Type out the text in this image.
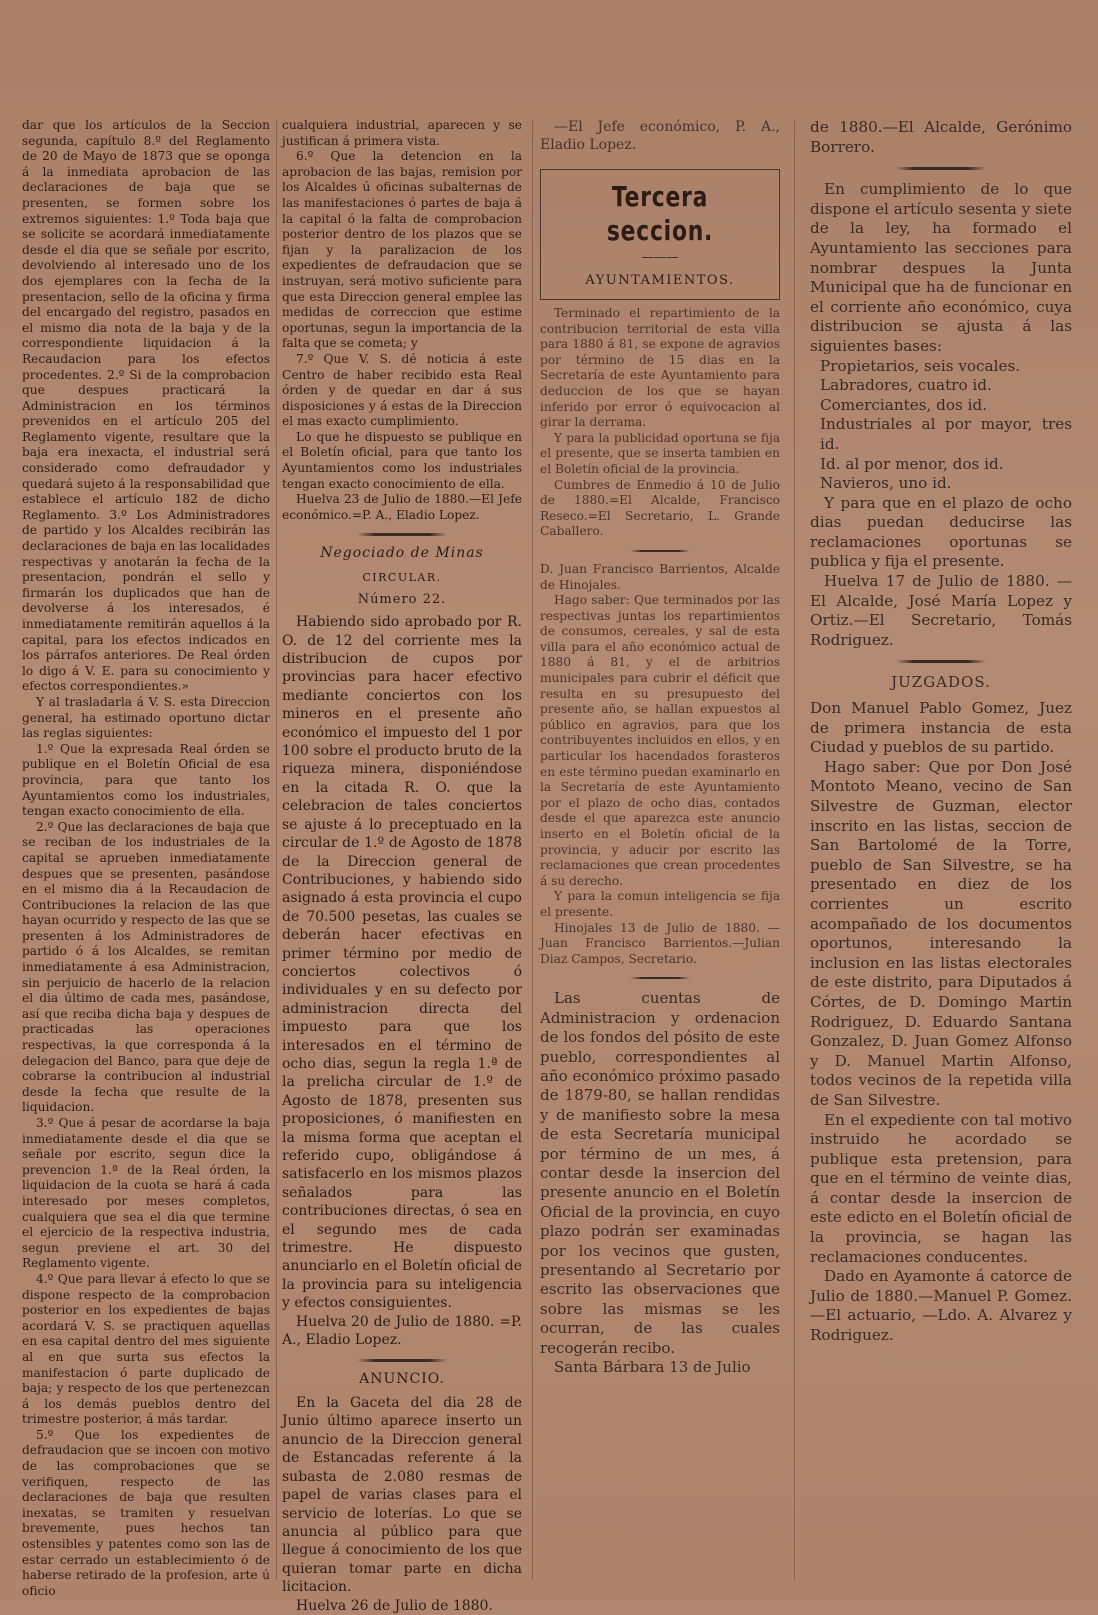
dar que los artículos de la Seccion segunda, capítulo 8.º del Reglamento de 20 de Mayo de 1873 que se oponga á la inmediata aprobacion de las declaraciones de baja que se presenten, se formen sobre los extremos siguientes: 1.º Toda baja que se solicite se acordará inmediatamente desde el dia que se señale por escrito, devolviendo al interesado uno de los dos ejemplares con la fecha de la presentacion, sello de la oficina y firma del encargado del registro, pasados en el mismo dia nota de la baja y de la correspondiente liquidacion á la Recaudacion para los efectos procedentes. 2.º Si de la comprobacion que despues practicará la Administracion en los términos prevenidos en el artículo 205 del Reglamento vigente, resultare que la baja era inexacta, el industrial será considerado como defraudador y quedará sujeto á la responsabilidad que establece el artículo 182 de dicho Reglamento. 3.º Los Administradores de partido y los Alcaldes recibirán las declaraciones de baja en las localidades respectivas y anotarán la fecha de la presentacion, pondrán el sello y firmarán los duplicados que han de devolverse á los interesados, é inmediatamente remitirán aquellos á la capital, para los efectos indicados en los párrafos anteriores. De Real órden lo digo á V. E. para su conocimiento y efectos correspondientes.»

Y al trasladarla á V. S. esta Direccion general, ha estimado oportuno dictar las reglas siguientes:

1.º Que la expresada Real órden se publique en el Boletín Oficial de esa provincia, para que tanto los Ayuntamientos como los industriales, tengan exacto conocimiento de ella.

2.º Que las declaraciones de baja que se reciban de los industriales de la capital se aprueben inmediatamente despues que se presenten, pasándose en el mismo dia á la Recaudacion de Contribuciones la relacion de las que hayan ocurrido y respecto de las que se presenten á los Administradores de partido ó á los Alcaldes, se remitan inmediatamente á esa Administracion, sin perjuicio de hacerlo de la relacion el dia último de cada mes, pasándose, así que reciba dicha baja y despues de practicadas las operaciones respectivas, la que corresponda á la delegacion del Banco, para que deje de cobrarse la contribucion al industrial desde la fecha que resulte de la liquidacion.

3.º Que á pesar de acordarse la baja inmediatamente desde el dia que se señale por escrito, segun dice la prevencion 1.ª de la Real órden, la liquidacion de la cuota se hará á cada interesado por meses completos, cualquiera que sea el dia que termine el ejercicio de la respectiva industria, segun previene el art. 30 del Reglamento vigente.

4.º Que para llevar á efecto lo que se dispone respecto de la comprobacion posterior en los expedientes de bajas acordará V. S. se practiquen aquellas en esa capital dentro del mes siguiente al en que surta sus efectos la manifestacion ó parte duplicado de baja; y respecto de los que pertenezcan á los demás pueblos dentro del trimestre posterior, á más tardar.

5.º Que los expedientes de defraudacion que se incoen con motivo de las comprobaciones que se verifiquen, respecto de las declaraciones de baja que resulten inexatas, se tramiten y resuelvan brevemente, pues hechos tan ostensibles y patentes como son las de estar cerrado un establecimiento ó de haberse retirado de la profesion, arte ú oficio

cualquiera industrial, aparecen y se justifican á primera vista.

6.º Que la detencion en la aprobacion de las bajas, remision por los Alcaldes ú oficinas subalternas de las manifestaciones ó partes de baja á la capital ó la falta de comprobacion posterior dentro de los plazos que se fijan y la paralizacion de los expedientes de defraudacion que se instruyan, será motivo suficiente para que esta Direccion general emplee las medidas de correccion que estime oportunas, segun la importancia de la falta que se cometa; y

7.º Que V. S. dé noticia á este Centro de haber recibido esta Real órden y de quedar en dar á sus disposiciones y á estas de la Direccion el mas exacto cumplimiento.

Lo que he dispuesto se publique en el Boletín oficial, para que tanto los Ayuntamientos como los industriales tengan exacto conocimiento de ella.

Huelva 23 de Julio de 1880.—El Jefe económico.=P. A., Eladio Lopez.

Negociado de Minas
CIRCULAR.
Número 22.

Habiendo sido aprobado por R. O. de 12 del corriente mes la distribucion de cupos por provincias para hacer efectivo mediante conciertos con los mineros en el presente año económico el impuesto del 1 por 100 sobre el producto bruto de la riqueza minera, disponiéndose en la citada R. O. que la celebracion de tales conciertos se ajuste á lo preceptuado en la circular de 1.º de Agosto de 1878 de la Direccion general de Contribuciones, y habiendo sido asignado á esta provincia el cupo de 70.500 pesetas, las cuales se deberán hacer efectivas en primer término por medio de conciertos colectivos ó individuales y en su defecto por administracion directa del impuesto para que los interesados en el término de ocho dias, segun la regla 1.ª de la prelicha circular de 1.º de Agosto de 1878, presenten sus proposiciones, ó manifiesten en la misma forma que aceptan el referido cupo, obligándose á satisfacerlo en los mismos plazos señalados para las contribuciones directas, ó sea en el segundo mes de cada trimestre. He dispuesto anunciarlo en el Boletín oficial de la provincia para su inteligencia y efectos consiguientes.

Huelva 20 de Julio de 1880. =P. A., Eladio Lopez.

ANUNCIO.

En la Gaceta del dia 28 de Junio último aparece inserto un anuncio de la Direccion general de Estancadas referente á la subasta de 2.080 resmas de papel de varias clases para el servicio de loterías. Lo que se anuncia al público para que llegue á conocimiento de los que quieran tomar parte en dicha licitacion.

Huelva 26 de Julio de 1880.

—El Jefe económico, P. A., Eladio Lopez.

Tercera seccion.
———
AYUNTAMIENTOS.

Terminado el repartimiento de la contribucion territorial de esta villa para 1880 á 81, se expone de agravios por término de 15 dias en la Secretaría de este Ayuntamiento para deduccion de los que se hayan inferido por error ó equivocacion al girar la derrama.

Y para la publicidad oportuna se fija el presente, que se inserta tambien en el Boletín oficial de la provincia.

Cumbres de Enmedio á 10 de Julio de 1880.=El Alcalde, Francisco Reseco.=El Secretario, L. Grande Caballero.

D. Juan Francisco Barrientos, Alcalde de Hinojales.

Hago saber: Que terminados por las respectivas juntas los repartimientos de consumos, cereales, y sal de esta villa para el año económico actual de 1880 á 81, y el de arbitrios municipales para cubrir el déficit que resulta en su presupuesto del presente año, se hallan expuestos al público en agravios, para que los contribuyentes incluidos en ellos, y en particular los hacendados forasteros en este término puedan examinarlo en la Secretaría de este Ayuntamiento por el plazo de ocho dias, contados desde el que aparezca este anuncio inserto en el Boletín oficial de la provincia, y aducir por escrito las reclamaciones que crean procedentes á su derecho.

Y para la comun inteligencia se fija el presente.

Hinojales 13 de Julio de 1880. —Juan Francisco Barrientos.—Julian Diaz Campos, Secretario.

Las cuentas de Administracion y ordenacion de los fondos del pósito de este pueblo, correspondientes al año económico próximo pasado de 1879-80, se hallan rendidas y de manifiesto sobre la mesa de esta Secretaría municipal por término de un mes, á contar desde la insercion del presente anuncio en el Boletín Oficial de la provincia, en cuyo plazo podrán ser examinadas por los vecinos que gusten, presentando al Secretario por escrito las observaciones que sobre las mismas se les ocurran, de las cuales recogerán recibo.

Santa Bárbara 13 de Julio

de 1880.—El Alcalde, Gerónimo Borrero.

En cumplimiento de lo que dispone el artículo sesenta y siete de la ley, ha formado el Ayuntamiento las secciones para nombrar despues la Junta Municipal que ha de funcionar en el corriente año económico, cuya distribucion se ajusta á las siguientes bases:

Propietarios, seis vocales.

Labradores, cuatro id.

Comerciantes, dos id.

Industriales al por mayor, tres id.

Id. al por menor, dos id.

Navieros, uno id.

Y para que en el plazo de ocho dias puedan deducirse las reclamaciones oportunas se publica y fija el presente.

Huelva 17 de Julio de 1880. —El Alcalde, José María Lopez y Ortiz.—El Secretario, Tomás Rodriguez.

JUZGADOS.

Don Manuel Pablo Gomez, Juez de primera instancia de esta Ciudad y pueblos de su partido.

Hago saber: Que por Don José Montoto Meano, vecino de San Silvestre de Guzman, elector inscrito en las listas, seccion de San Bartolomé de la Torre, pueblo de San Silvestre, se ha presentado en diez de los corrientes un escrito acompañado de los documentos oportunos, interesando la inclusion en las listas electorales de este distrito, para Diputados á Córtes, de D. Domingo Martin Rodriguez, D. Eduardo Santana Gonzalez, D. Juan Gomez Alfonso y D. Manuel Martin Alfonso, todos vecinos de la repetida villa de San Silvestre.

En el expediente con tal motivo instruido he acordado se publique esta pretension, para que en el término de veinte dias, á contar desde la insercion de este edicto en el Boletín oficial de la provincia, se hagan las reclamaciones conducentes.

Dado en Ayamonte á catorce de Julio de 1880.—Manuel P. Gomez.—El actuario, —Ldo. A. Alvarez y Rodriguez.
